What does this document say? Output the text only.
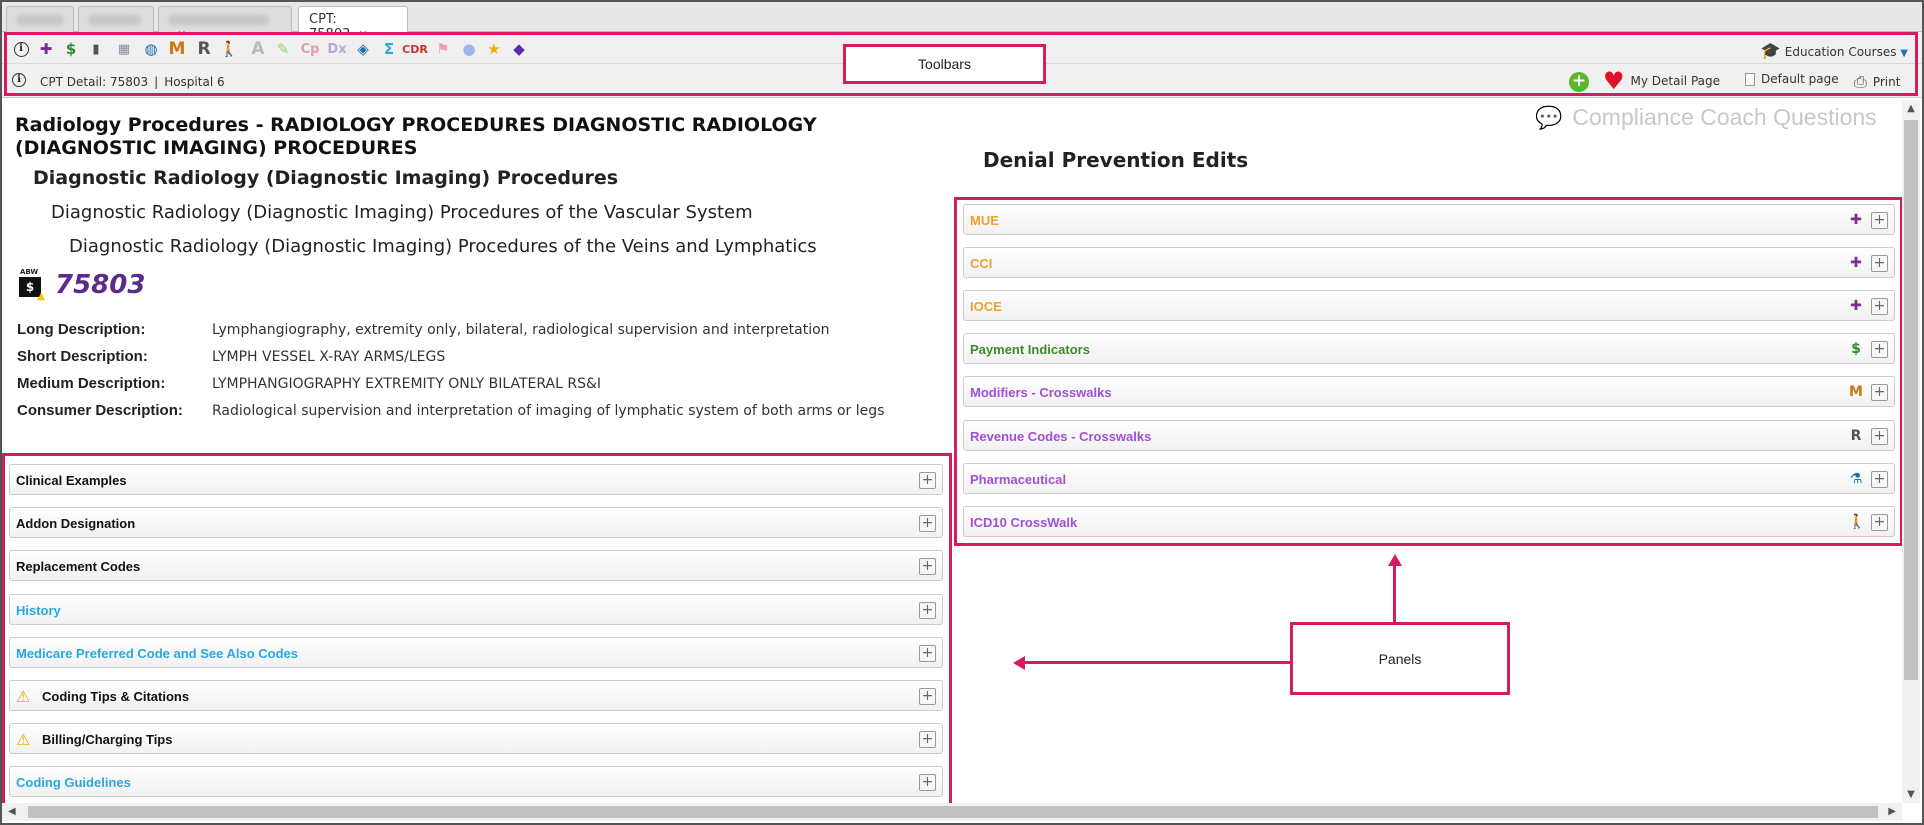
CPT:
i	✚ $	▮	▦ ◍ M R 🚶 A ✎ Cp Dx ◈	Σ CDR ⚑ ● ★ ◆	🎓 Education Courses ▼
i	CPT Detail: 75803 | Hospital 6	+ ♥ My Detail Page	Default page ⎙ Print
Toolbars
Radiology Procedures - RADIOLOGY PROCEDURES DIAGNOSTIC RADIOLOGY (DIAGNOSTIC IMAGING) PROCEDURES
Diagnostic Radiology (Diagnostic Imaging) Procedures
Diagnostic Radiology (Diagnostic Imaging) Procedures of the Vascular System
Diagnostic Radiology (Diagnostic Imaging) Procedures of the Veins and Lymphatics
ABW
$
▲ 75803
Long Description:	Lymphangiography, extremity only, bilateral, radiological supervision and interpretation
Short Description:	LYMPH VESSEL X-RAY ARMS/LEGS
Medium Description:	LYMPHANGIOGRAPHY EXTREMITY ONLY BILATERAL RS&I
Consumer Description: Radiological supervision and interpretation of imaging of lymphatic system of both arms or legs
Clinical Examples	+
Addon Designation	+
Replacement Codes	+
History	+
Medicare Preferred Code and See Also Codes	+
⚠ Coding Tips & Citations	+
⚠ Billing/Charging Tips	+
Coding Guidelines	+
💬 Compliance Coach Questions
Denial Prevention Edits
MUE	✚ +
CCI	✚ +
IOCE	✚ +
Payment Indicators	$ +
Modifiers - Crosswalks	M +
Revenue Codes - Crosswalks	R +
Pharmaceutical	⚗ +
ICD10 CrossWalk	🚶 +
Panels
▲
▼
◀	▶
